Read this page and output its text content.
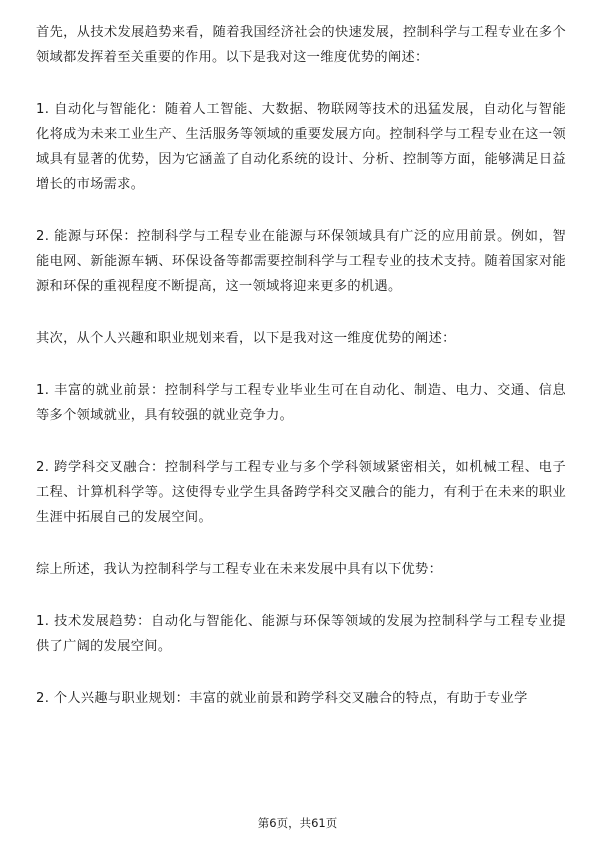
首先，从技术发展趋势来看，随着我国经济社会的快速发展，控制科学与工程专业在多个领域都发挥着至关重要的作用。以下是我对这一维度优势的阐述：

1. 自动化与智能化：随着人工智能、大数据、物联网等技术的迅猛发展，自动化与智能化将成为未来工业生产、生活服务等领域的重要发展方向。控制科学与工程专业在这一领域具有显著的优势，因为它涵盖了自动化系统的设计、分析、控制等方面，能够满足日益增长的市场需求。

2. 能源与环保：控制科学与工程专业在能源与环保领域具有广泛的应用前景。例如，智能电网、新能源车辆、环保设备等都需要控制科学与工程专业的技术支持。随着国家对能源和环保的重视程度不断提高，这一领域将迎来更多的机遇。

其次，从个人兴趣和职业规划来看，以下是我对这一维度优势的阐述：

1. 丰富的就业前景：控制科学与工程专业毕业生可在自动化、制造、电力、交通、信息等多个领域就业，具有较强的就业竞争力。

2. 跨学科交叉融合：控制科学与工程专业与多个学科领域紧密相关，如机械工程、电子工程、计算机科学等。这使得专业学生具备跨学科交叉融合的能力，有利于在未来的职业生涯中拓展自己的发展空间。

综上所述，我认为控制科学与工程专业在未来发展中具有以下优势：

1. 技术发展趋势：自动化与智能化、能源与环保等领域的发展为控制科学与工程专业提供了广阔的发展空间。

2. 个人兴趣与职业规划：丰富的就业前景和跨学科交叉融合的特点，有助于专业学

第6页，共61页
